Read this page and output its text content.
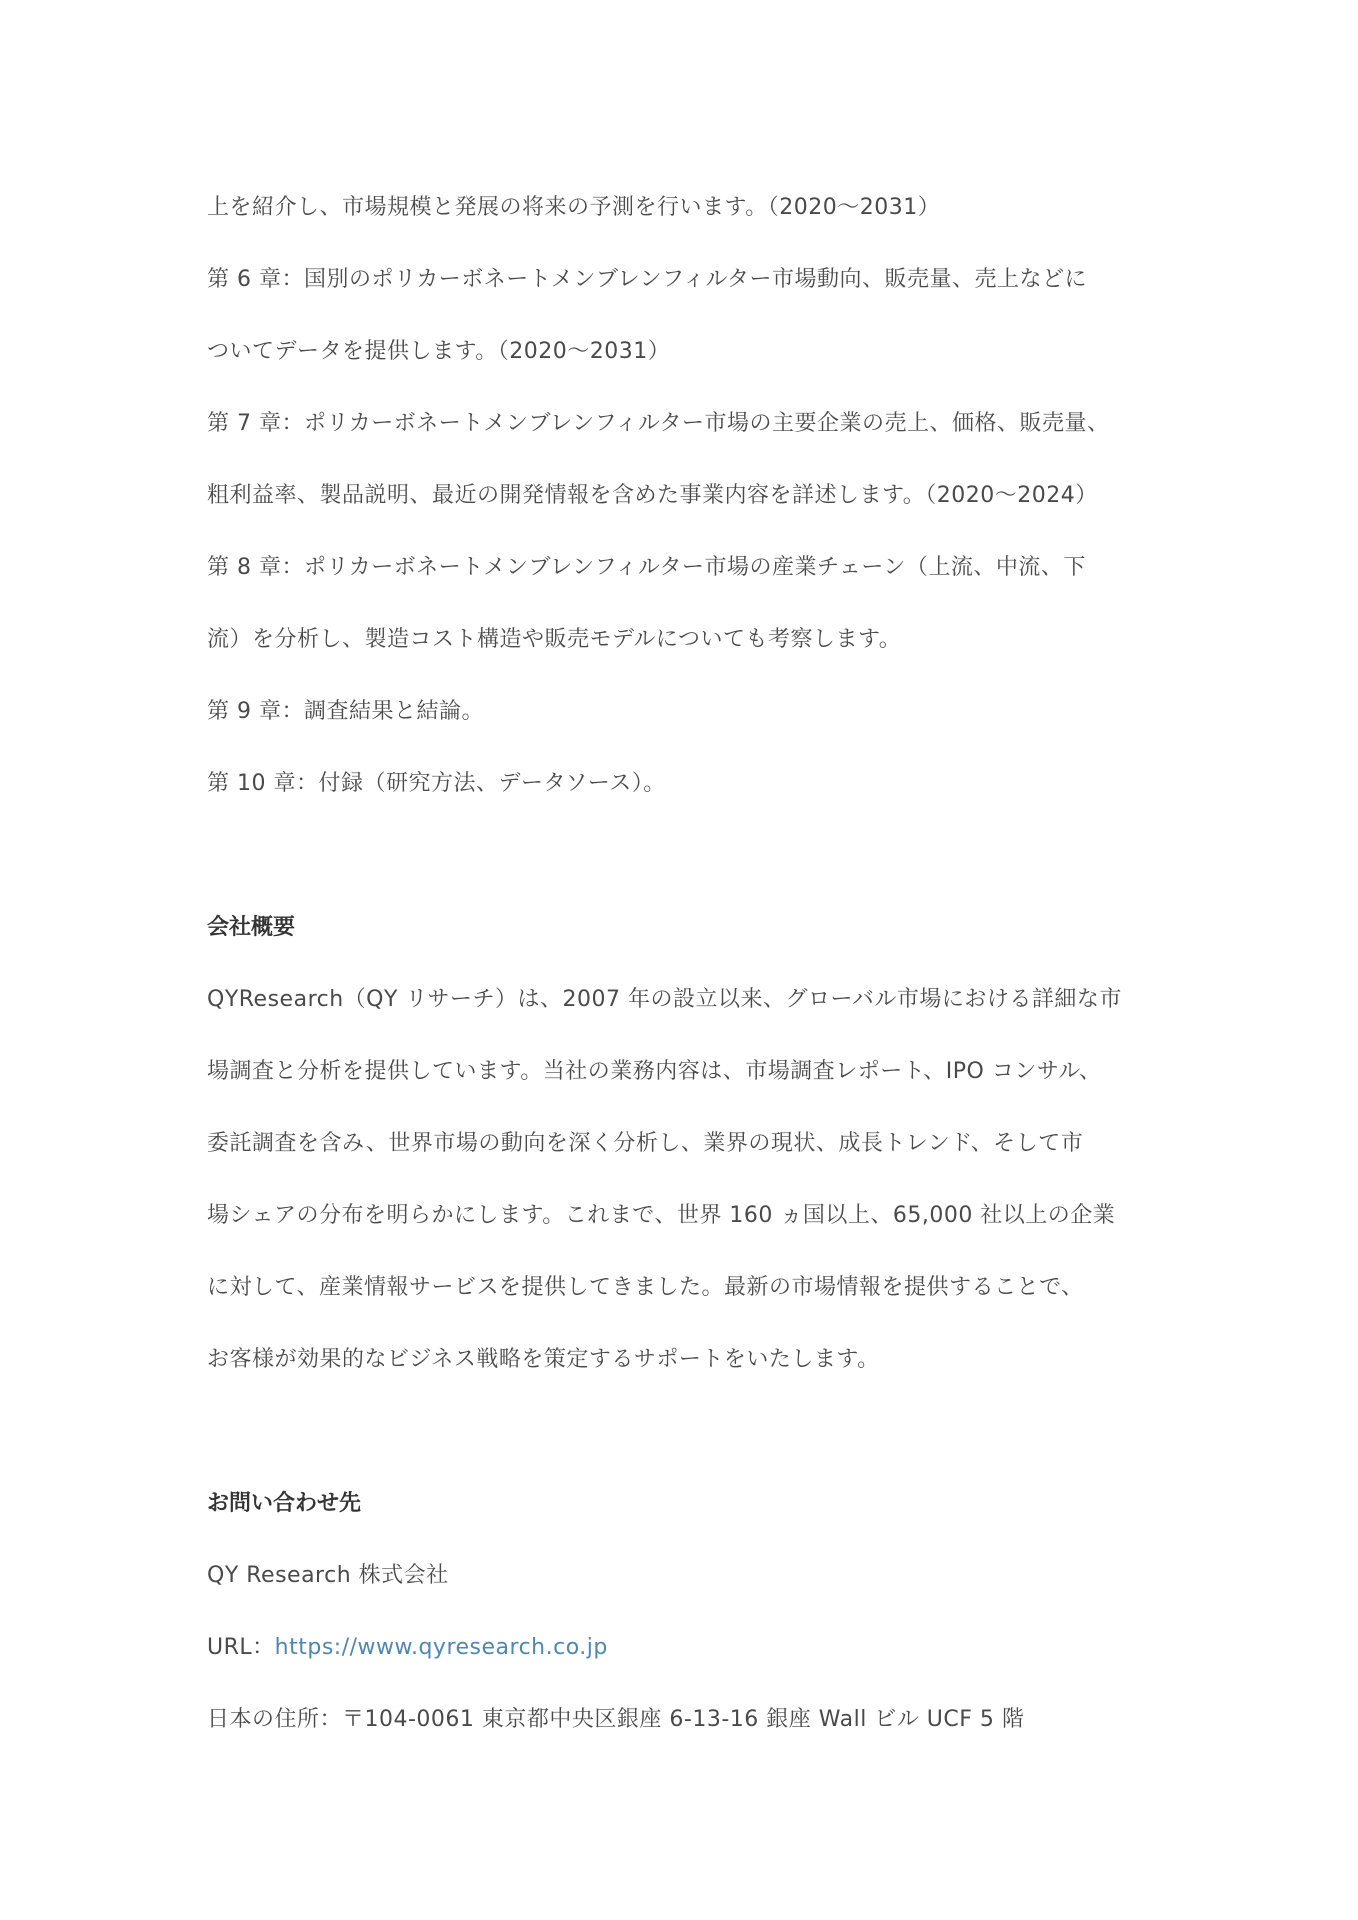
上を紹介し、市場規模と発展の将来の予測を行います。（2020～2031）
第 6 章：国別のポリカーボネートメンブレンフィルター市場動向、販売量、売上などに
ついてデータを提供します。（2020～2031）
第 7 章：ポリカーボネートメンブレンフィルター市場の主要企業の売上、価格、販売量、
粗利益率、製品説明、最近の開発情報を含めた事業内容を詳述します。（2020～2024）
第 8 章：ポリカーボネートメンブレンフィルター市場の産業チェーン（上流、中流、下
流）を分析し、製造コスト構造や販売モデルについても考察します。
第 9 章：調査結果と結論。
第 10 章：付録（研究方法、データソース）。
会社概要
QYResearch（QY リサーチ）は、2007 年の設立以来、グローバル市場における詳細な市
場調査と分析を提供しています。当社の業務内容は、市場調査レポート、IPO コンサル、
委託調査を含み、世界市場の動向を深く分析し、業界の現状、成長トレンド、そして市
場シェアの分布を明らかにします。これまで、世界 160 ヵ国以上、65,000 社以上の企業
に対して、産業情報サービスを提供してきました。最新の市場情報を提供することで、
お客様が効果的なビジネス戦略を策定するサポートをいたします。
お問い合わせ先
QY Research 株式会社
URL：https://www.qyresearch.co.jp
日本の住所：〒104-0061 東京都中央区銀座 6-13-16 銀座 Wall ビル UCF 5 階
